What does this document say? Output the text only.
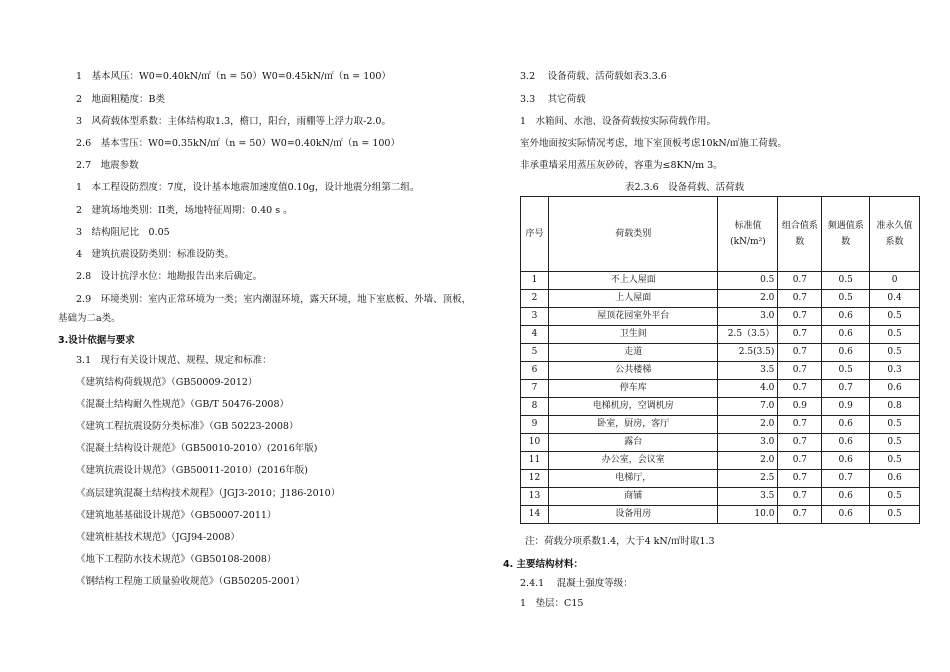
1　基本风压：W0=0.40kN/㎡（n = 50）W0=0.45kN/㎡（n = 100）
2　地面粗糙度：B类
3　风荷载体型系数：主体结构取1.3，檐口，阳台，雨棚等上浮力取-2.0。
2.6　基本雪压：W0=0.35kN/㎡（n = 50）W0=0.40kN/㎡（n = 100）
2.7　地震参数
1　本工程设防烈度：7度，设计基本地震加速度值0.10g，设计地震分组第二组。
2　建筑场地类别：II类，场地特征周期：0.40 s 。
3　结构阻尼比　0.05
4　建筑抗震设防类别：标准设防类。
2.8　设计抗浮水位：地勘报告出来后确定。
2.9　环境类别：室内正常环境为一类；室内潮湿环境，露天环境，地下室底板、外墙、顶板，
基础为二a类。
3.设计依据与要求
3.1　现行有关设计规范、规程、规定和标准：
《建筑结构荷载规范》（GB50009-2012）
《混凝土结构耐久性规范》（GB/T 50476-2008）
《建筑工程抗震设防分类标准》（GB 50223-2008）
《混凝土结构设计规范》（GB50010-2010）(2016年版)
《建筑抗震设计规范》（GB50011-2010）(2016年版)
《高层建筑混凝土结构技术规程》（JGJ3-2010；J186-2010）
《建筑地基基础设计规范》（GB50007-2011）
《建筑桩基技术规范》（JGJ94-2008）
《地下工程防水技术规范》（GB50108-2008）
《钢结构工程施工质量验收规范》（GB50205-2001）
3.2　 设备荷载、活荷载如表3.3.6
3.3　 其它荷载
1　水箱间、水池、设备荷载按实际荷载作用。
室外地面按实际情况考虑，地下室顶板考虑10kN/㎡施工荷载。
非承重墙采用蒸压灰砂砖，容重为≤8KN/m 3。
表2.3.6　设备荷载、活荷载
序号	荷载类别	标准值(kN/m²)	组合值系数	频遇值系数	准永久值系数
1	不上人屋面	0.5	0.7	0.5	0
2	上人屋面	2.0	0.7	0.5	0.4
3	屋顶花园室外平台	3.0	0.7	0.6	0.5
4	卫生间	2.5（3.5）	0.7	0.6	0.5
5	走道	2.5(3.5)	0.7	0.6	0.5
6	公共楼梯	3.5	0.7	0.5	0.3
7	停车库	4.0	0.7	0.7	0.6
8	电梯机房，空调机房	7.0	0.9	0.9	0.8
9	卧室，厨房，客厅	2.0	0.7	0.6	0.5
10	露台	3.0	0.7	0.6	0.5
11	办公室，会议室	2.0	0.7	0.6	0.5
12	电梯厅，	2.5	0.7	0.7	0.6
13	商铺	3.5	0.7	0.6	0.5
14	设备用房	10.0	0.7	0.6	0.5
注：荷载分项系数1.4，大于4 kN/㎡时取1.3
4. 主要结构材料：
2.4.1　 混凝土强度等级：
1　垫层：C15
